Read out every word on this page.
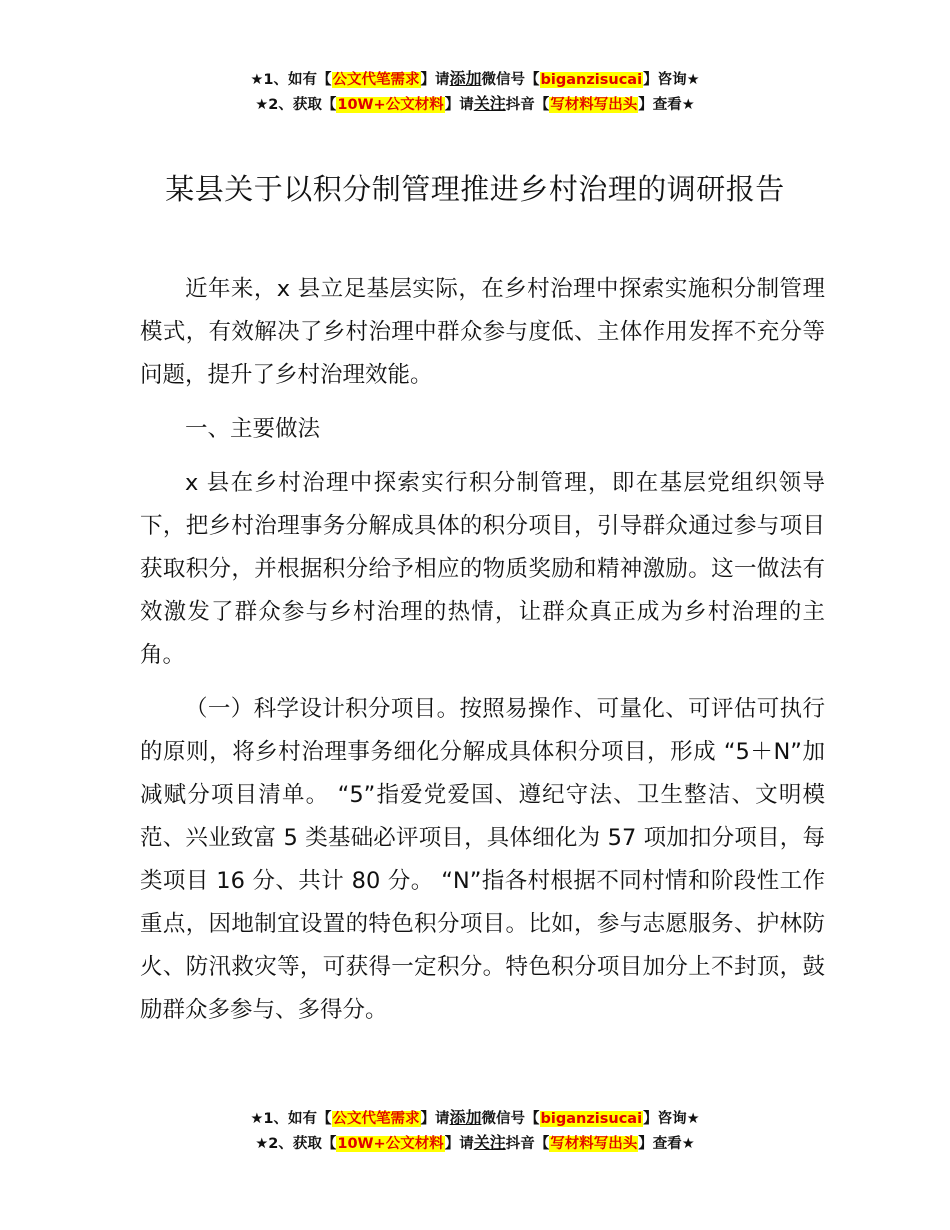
★1、如有【公文代笔需求】请添加微信号【biganzisucai】咨询★
★2、获取【10W+公文材料】请关注抖音【写材料写出头】查看★
某县关于以积分制管理推进乡村治理的调研报告

近年来，x 县立足基层实际，在乡村治理中探索实施积分制管理模式，有效解决了乡村治理中群众参与度低、主体作用发挥不充分等问题，提升了乡村治理效能。

一、主要做法

x 县在乡村治理中探索实行积分制管理，即在基层党组织领导下，把乡村治理事务分解成具体的积分项目，引导群众通过参与项目获取积分，并根据积分给予相应的物质奖励和精神激励。这一做法有效激发了群众参与乡村治理的热情，让群众真正成为乡村治理的主角。

（一）科学设计积分项目。按照易操作、可量化、可评估可执行的原则，将乡村治理事务细化分解成具体积分项目，形成 “5＋N”加减赋分项目清单。 “5”指爱党爱国、遵纪守法、卫生整洁、文明模范、兴业致富 5 类基础必评项目，具体细化为 57 项加扣分项目，每类项目 16 分、共计 80 分。 “N”指各村根据不同村情和阶段性工作重点，因地制宜设置的特色积分项目。比如，参与志愿服务、护林防火、防汛救灾等，可获得一定积分。特色积分项目加分上不封顶，鼓励群众多参与、多得分。

★1、如有【公文代笔需求】请添加微信号【biganzisucai】咨询★
★2、获取【10W+公文材料】请关注抖音【写材料写出头】查看★
